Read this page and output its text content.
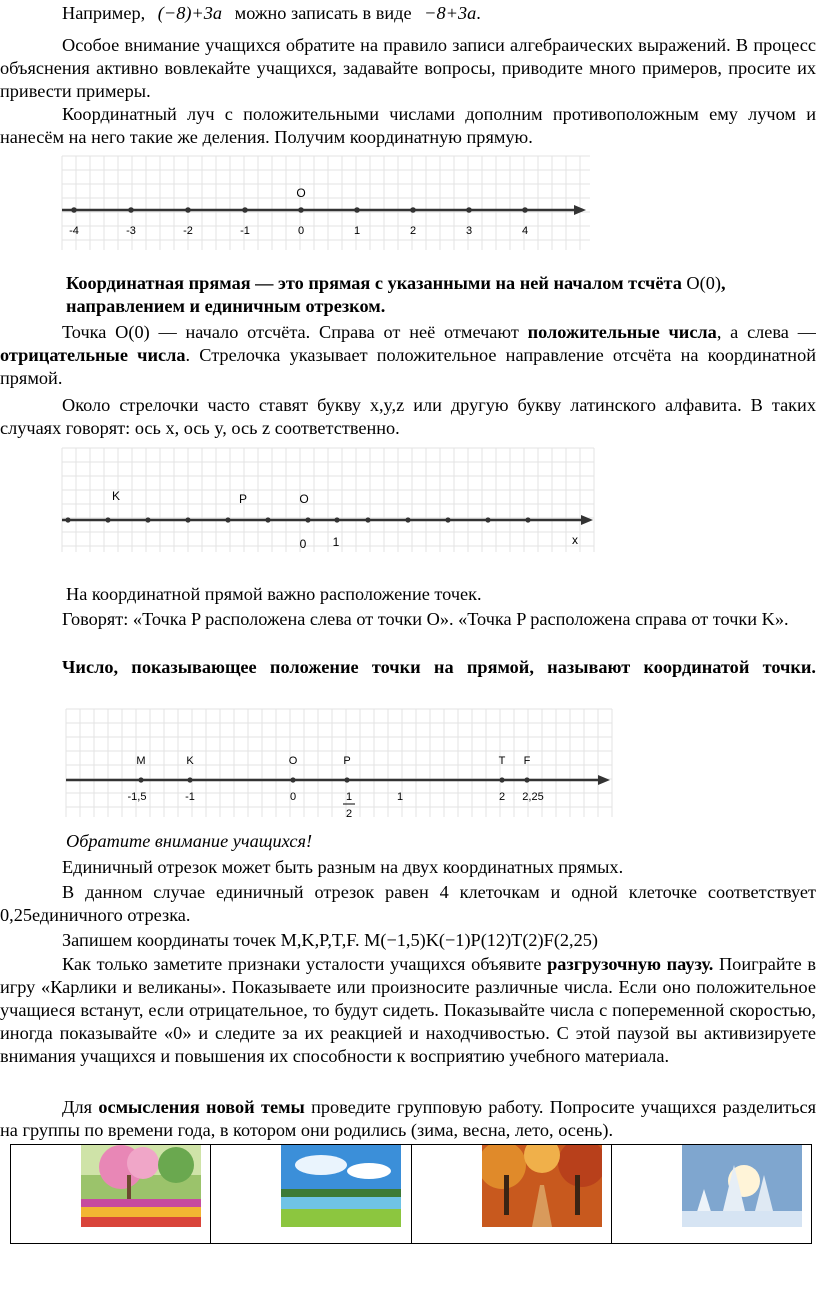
Например, (−8)+3a можно записать в виде −8+3a.

Особое внимание учащихся обратите на правило записи алгебраических выражений. В процесс объяснения активно вовлекайте учащихся, задавайте вопросы, приводите много примеров, просите их привести примеры.

Координатный луч с положительными числами дополним противоположным ему лучом и нанесём на него такие же деления. Получим координатную прямую.

O
-4	-3	-2	-1	0	1	2	3	4

Координатная прямая — это прямая с указанными на ней началом тсчёта O(0), направлением и единичным отрезком.

Точка O(0) — начало отсчёта. Справа от неё отмечают положительные числа, а слева — отрицательные числа. Стрелочка указывает положительное направление отсчёта на координатной прямой.

Около стрелочки часто ставят букву x,y,z или другую букву латинского алфавита. В таких случаях говорят: ось x, ось y, ось z соответственно.

K	P	O
0 1	x

На координатной прямой важно расположение точек.

Говорят: «Точка P расположена слева от точки O». «Точка P расположена справа от точки K».

Число, показывающее положение точки на прямой, называют координатой точки.

M	K	O	P	T F
-1,5	-1	0	2 2,25
1
1
2

Обратите внимание учащихся!

Единичный отрезок может быть разным на двух координатных прямых.

В данном случае единичный отрезок равен 4 клеточкам и одной клеточке соответствует 0,25единичного отрезка.

Запишем координаты точек M,K,P,T,F. M(−1,5)K(−1)P(12)T(2)F(2,25)

Как только заметите признаки усталости учащихся объявите разгрузочную паузу. Поиграйте в игру «Карлики и великаны». Показываете или произносите различные числа. Если оно положительное учащиеся встанут, если отрицательное, то будут сидеть. Показывайте числа с попеременной скоростью, иногда показывайте «0» и следите за их реакцией и находчивостью. С этой паузой вы активизируете внимания учащихся и повышения их способности к восприятию учебного материала.

Для осмысления новой темы проведите групповую работу. Попросите учащихся разделиться на группы по времени года, в котором они родились (зима, весна, лето, осень).
